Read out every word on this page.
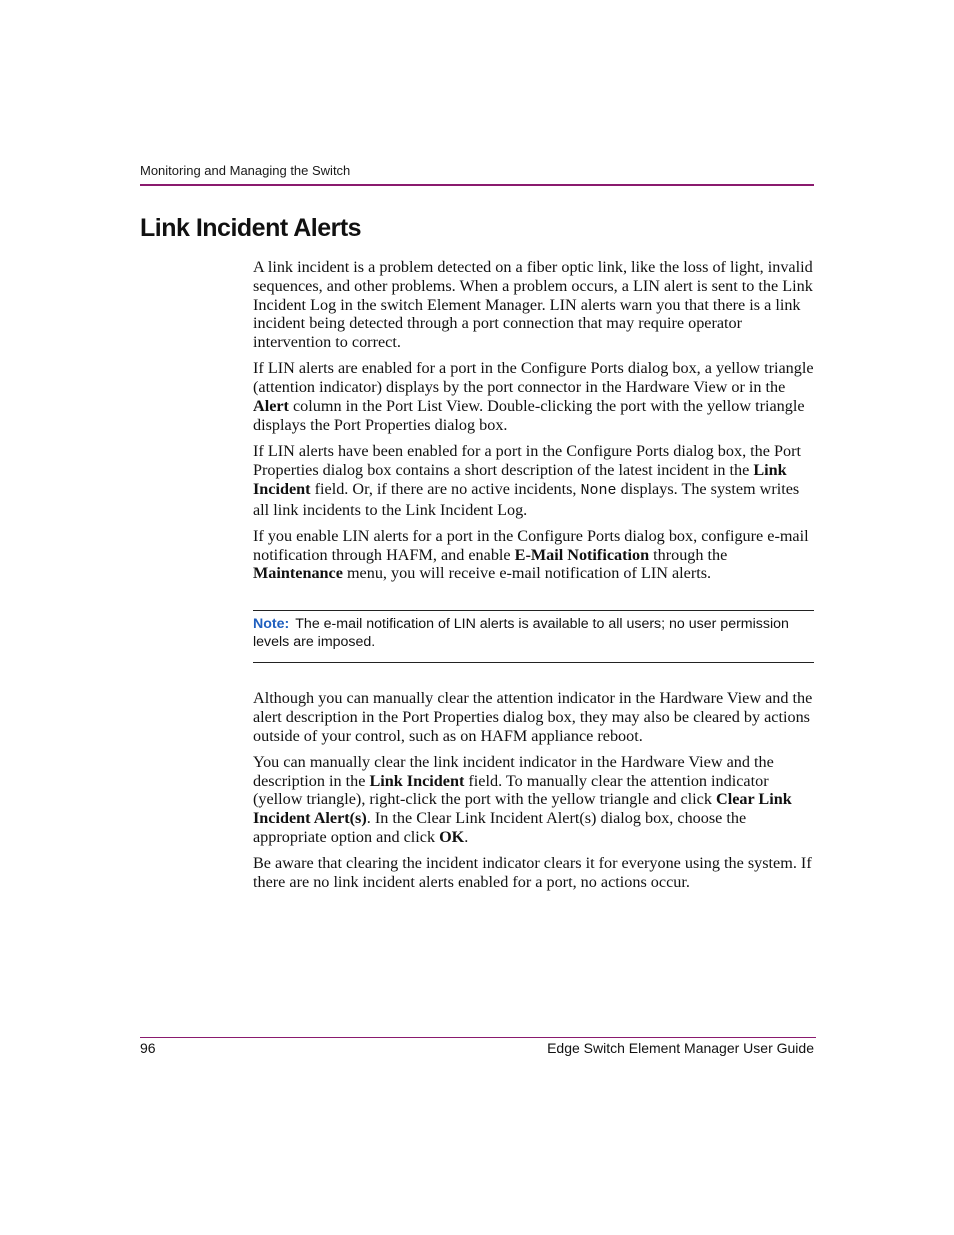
Monitoring and Managing the Switch
Link Incident Alerts

A link incident is a problem detected on a fiber optic link, like the loss of light, invalid sequences, and other problems. When a problem occurs, a LIN alert is sent to the Link Incident Log in the switch Element Manager. LIN alerts warn you that there is a link incident being detected through a port connection that may require operator intervention to correct.

If LIN alerts are enabled for a port in the Configure Ports dialog box, a yellow triangle (attention indicator) displays by the port connector in the Hardware View or in the Alert column in the Port List View. Double-clicking the port with the yellow triangle displays the Port Properties dialog box.

If LIN alerts have been enabled for a port in the Configure Ports dialog box, the Port Properties dialog box contains a short description of the latest incident in the Link Incident field. Or, if there are no active incidents, None displays. The system writes all link incidents to the Link Incident Log.

If you enable LIN alerts for a port in the Configure Ports dialog box, configure e-mail notification through HAFM, and enable E-Mail Notification through the Maintenance menu, you will receive e-mail notification of LIN alerts.

Note: The e-mail notification of LIN alerts is available to all users; no user permission levels are imposed.

Although you can manually clear the attention indicator in the Hardware View and the alert description in the Port Properties dialog box, they may also be cleared by actions outside of your control, such as on HAFM appliance reboot.

You can manually clear the link incident indicator in the Hardware View and the description in the Link Incident field. To manually clear the attention indicator (yellow triangle), right-click the port with the yellow triangle and click Clear Link Incident Alert(s). In the Clear Link Incident Alert(s) dialog box, choose the appropriate option and click OK.

Be aware that clearing the incident indicator clears it for everyone using the system. If there are no link incident alerts enabled for a port, no actions occur.

96	Edge Switch Element Manager User Guide
